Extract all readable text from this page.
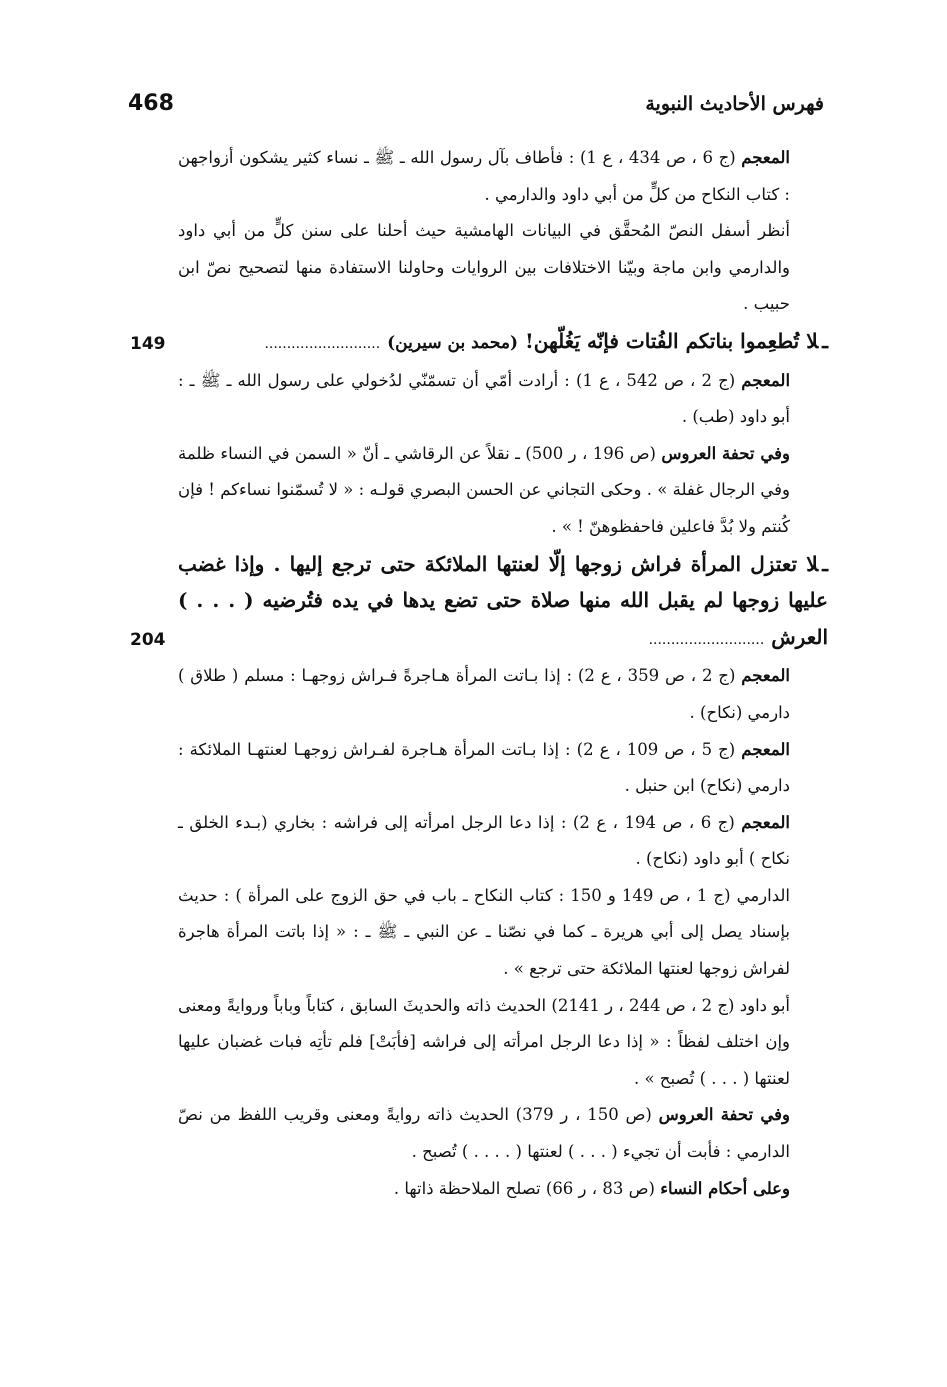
فهرس الأحاديث النبوية
468

المعجم (ج 6 ، ص 434 ، ع 1) : فأطاف بآل رسول الله ـ ﷺ ـ نساء كثير يشكون أزواجهن : كتاب النكاح من كلٍّ من أبي داود والدارمي .

أنظر أسفل النصّ المُحقَّق في البيانات الهامشية حيث أحلنا على سنن كلٍّ من أبي داود والدارمي وابن ماجة وبيّنا الاختلافات بين الروايات وحاولنا الاستفادة منها لتصحيح نصّ ابن حبيب .

ـلا تُطعِموا بناتكم الفُتات فإنّه يَغُلّهن! (محمد بن سيرين) ..........................
149

المعجم (ج 2 ، ص 542 ، ع 1) : أرادت أمّي أن تسمّنّي لدُخولي على رسول الله ـ ﷺ ـ : أبو داود (طب) .

وفي تحفة العروس (ص 196 ، ر 500) ـ نقلاً عن الرقاشي ـ أنّ « السمن في النساء ظلمة وفي الرجال غفلة » . وحكى التجاني عن الحسن البصري قولـه : « لا تُسمّنوا نساءكم ! فإن كُنتم ولا بُدَّ فاعلين فاحفظوهنّ ! » .

ـلا تعتزل المرأة فراش زوجها إلّا لعنتها الملائكة حتى ترجع إليها . وإذا غضب عليها زوجها لم يقبل الله منها صلاة حتى تضع يدها في يده فتُرضيه ( . . . ) العرش ..........................
204

المعجم (ج 2 ، ص 359 ، ع 2) : إذا بـاتت المرأة هـاجرةً فـراش زوجهـا : مسلم ( طلاق ) دارمي (نكاح) .

المعجم (ج 5 ، ص 109 ، ع 2) : إذا بـاتت المرأة هـاجرة لفـراش زوجهـا لعنتهـا الملائكة : دارمي (نكاح) ابن حنبل .

المعجم (ج 6 ، ص 194 ، ع 2) : إذا دعا الرجل امرأته إلى فراشه : بخاري (بـدء الخلق ـ نكاح ) أبو داود (نكاح) .

الدارمي (ج 1 ، ص 149 و 150 : كتاب النكاح ـ باب في حق الزوج على المرأة ) : حديث بإسناد يصل إلى أبي هريرة ـ كما في نصّنا ـ عن النبي ـ ﷺ ـ : « إذا باتت المرأة هاجرة لفراش زوجها لعنتها الملائكة حتى ترجع » .

أبو داود (ج 2 ، ص 244 ، ر 2141) الحديث ذاته والحديثَ السابق ، كتاباً وباباً وروايةً ومعنى وإن اختلف لفظاً : « إذا دعا الرجل امرأته إلى فراشه [فأبَتْ] فلم تأتِه فبات غضبان عليها لعنتها ( . . . ) تُصبح » .

وفي تحفة العروس (ص 150 ، ر 379) الحديث ذاته روايةً ومعنى وقريب اللفظ من نصّ الدارمي : فأبت أن تجيء ( . . . ) لعنتها ( . . . . ) تُصبح .

وعلى أحكام النساء (ص 83 ، ر 66) تصلح الملاحظة ذاتها .
